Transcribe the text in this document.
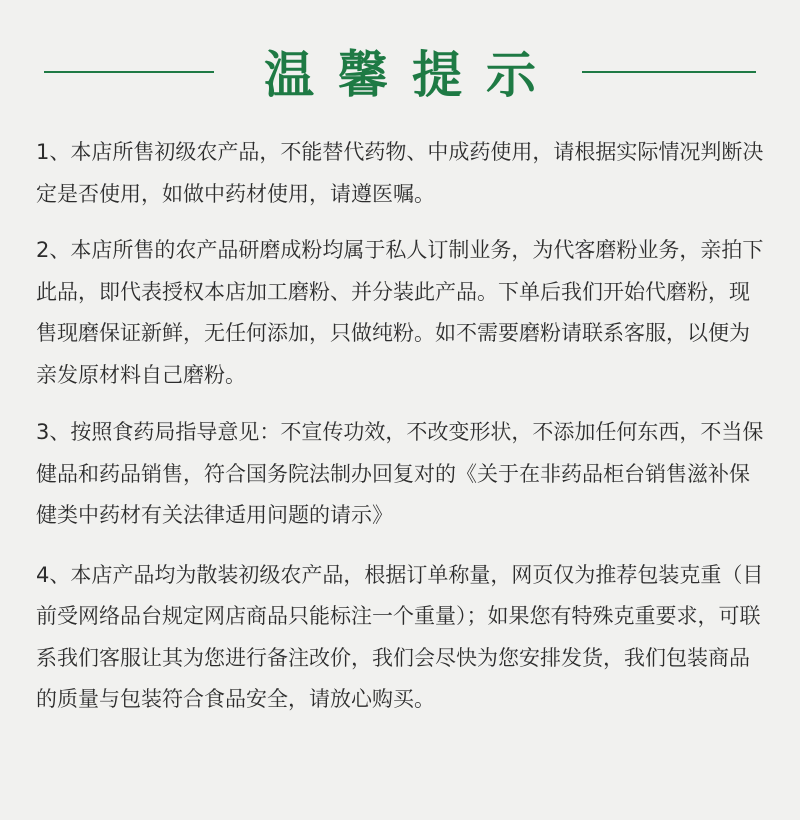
温馨提示

1、本店所售初级农产品，不能替代药物、中成药使用，请根据实际情况判断决定是否使用，如做中药材使用，请遵医嘱。

2、本店所售的农产品研磨成粉均属于私人订制业务，为代客磨粉业务，亲拍下此品，即代表授权本店加工磨粉、并分装此产品。下单后我们开始代磨粉，现售现磨保证新鲜，无任何添加，只做纯粉。如不需要磨粉请联系客服，以便为亲发原材料自己磨粉。

3、按照食药局指导意见：不宣传功效，不改变形状，不添加任何东西，不当保健品和药品销售，符合国务院法制办回复对的《关于在非药品柜台销售滋补保健类中药材有关法律适用问题的请示》

4、本店产品均为散装初级农产品，根据订单称量，网页仅为推荐包装克重（目前受网络品台规定网店商品只能标注一个重量）；如果您有特殊克重要求，可联系我们客服让其为您进行备注改价，我们会尽快为您安排发货，我们包装商品的质量与包装符合食品安全，请放心购买。
